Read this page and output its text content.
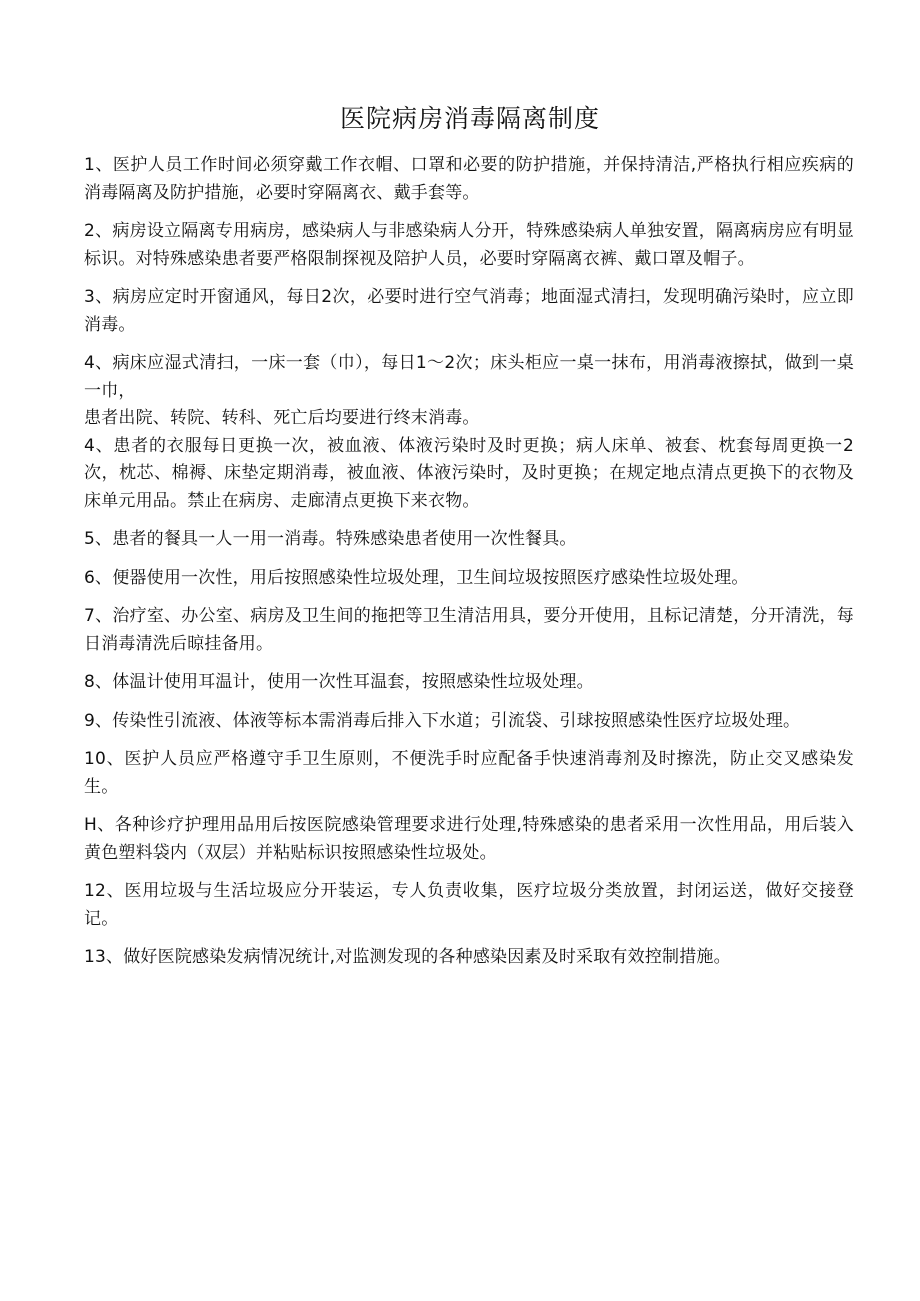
医院病房消毒隔离制度

1、医护人员工作时间必须穿戴工作衣帽、口罩和必要的防护措施，并保持清洁,严格执行相应疾病的消毒隔离及防护措施，必要时穿隔离衣、戴手套等。

2、病房设立隔离专用病房，感染病人与非感染病人分开，特殊感染病人单独安置，隔离病房应有明显标识。对特殊感染患者要严格限制探视及陪护人员，必要时穿隔离衣裤、戴口罩及帽子。

3、病房应定时开窗通风，每日2次，必要时进行空气消毒；地面湿式清扫，发现明确污染时，应立即消毒。

4、病床应湿式清扫，一床一套（巾），每日1〜2次；床头柜应一桌一抹布，用消毒液擦拭，做到一桌一巾，

患者出院、转院、转科、死亡后均要进行终末消毒。

4、患者的衣服每日更换一次，被血液、体液污染时及时更换；病人床单、被套、枕套每周更换一2次，枕芯、棉褥、床垫定期消毒，被血液、体液污染时，及时更换；在规定地点清点更换下的衣物及床单元用品。禁止在病房、走廊清点更换下来衣物。

5、患者的餐具一人一用一消毒。特殊感染患者使用一次性餐具。

6、便器使用一次性，用后按照感染性垃圾处理，卫生间垃圾按照医疗感染性垃圾处理。

7、治疗室、办公室、病房及卫生间的拖把等卫生清洁用具，要分开使用，且标记清楚，分开清洗，每日消毒清洗后晾挂备用。

8、体温计使用耳温计，使用一次性耳温套，按照感染性垃圾处理。

9、传染性引流液、体液等标本需消毒后排入下水道；引流袋、引球按照感染性医疗垃圾处理。

10、医护人员应严格遵守手卫生原则，不便洗手时应配备手快速消毒剂及时擦洗，防止交叉感染发生。

H、各种诊疗护理用品用后按医院感染管理要求进行处理,特殊感染的患者采用一次性用品，用后装入黄色塑料袋内（双层）并粘贴标识按照感染性垃圾处。

12、医用垃圾与生活垃圾应分开装运，专人负责收集，医疗垃圾分类放置，封闭运送，做好交接登记。

13、做好医院感染发病情况统计,对监测发现的各种感染因素及时采取有效控制措施。
